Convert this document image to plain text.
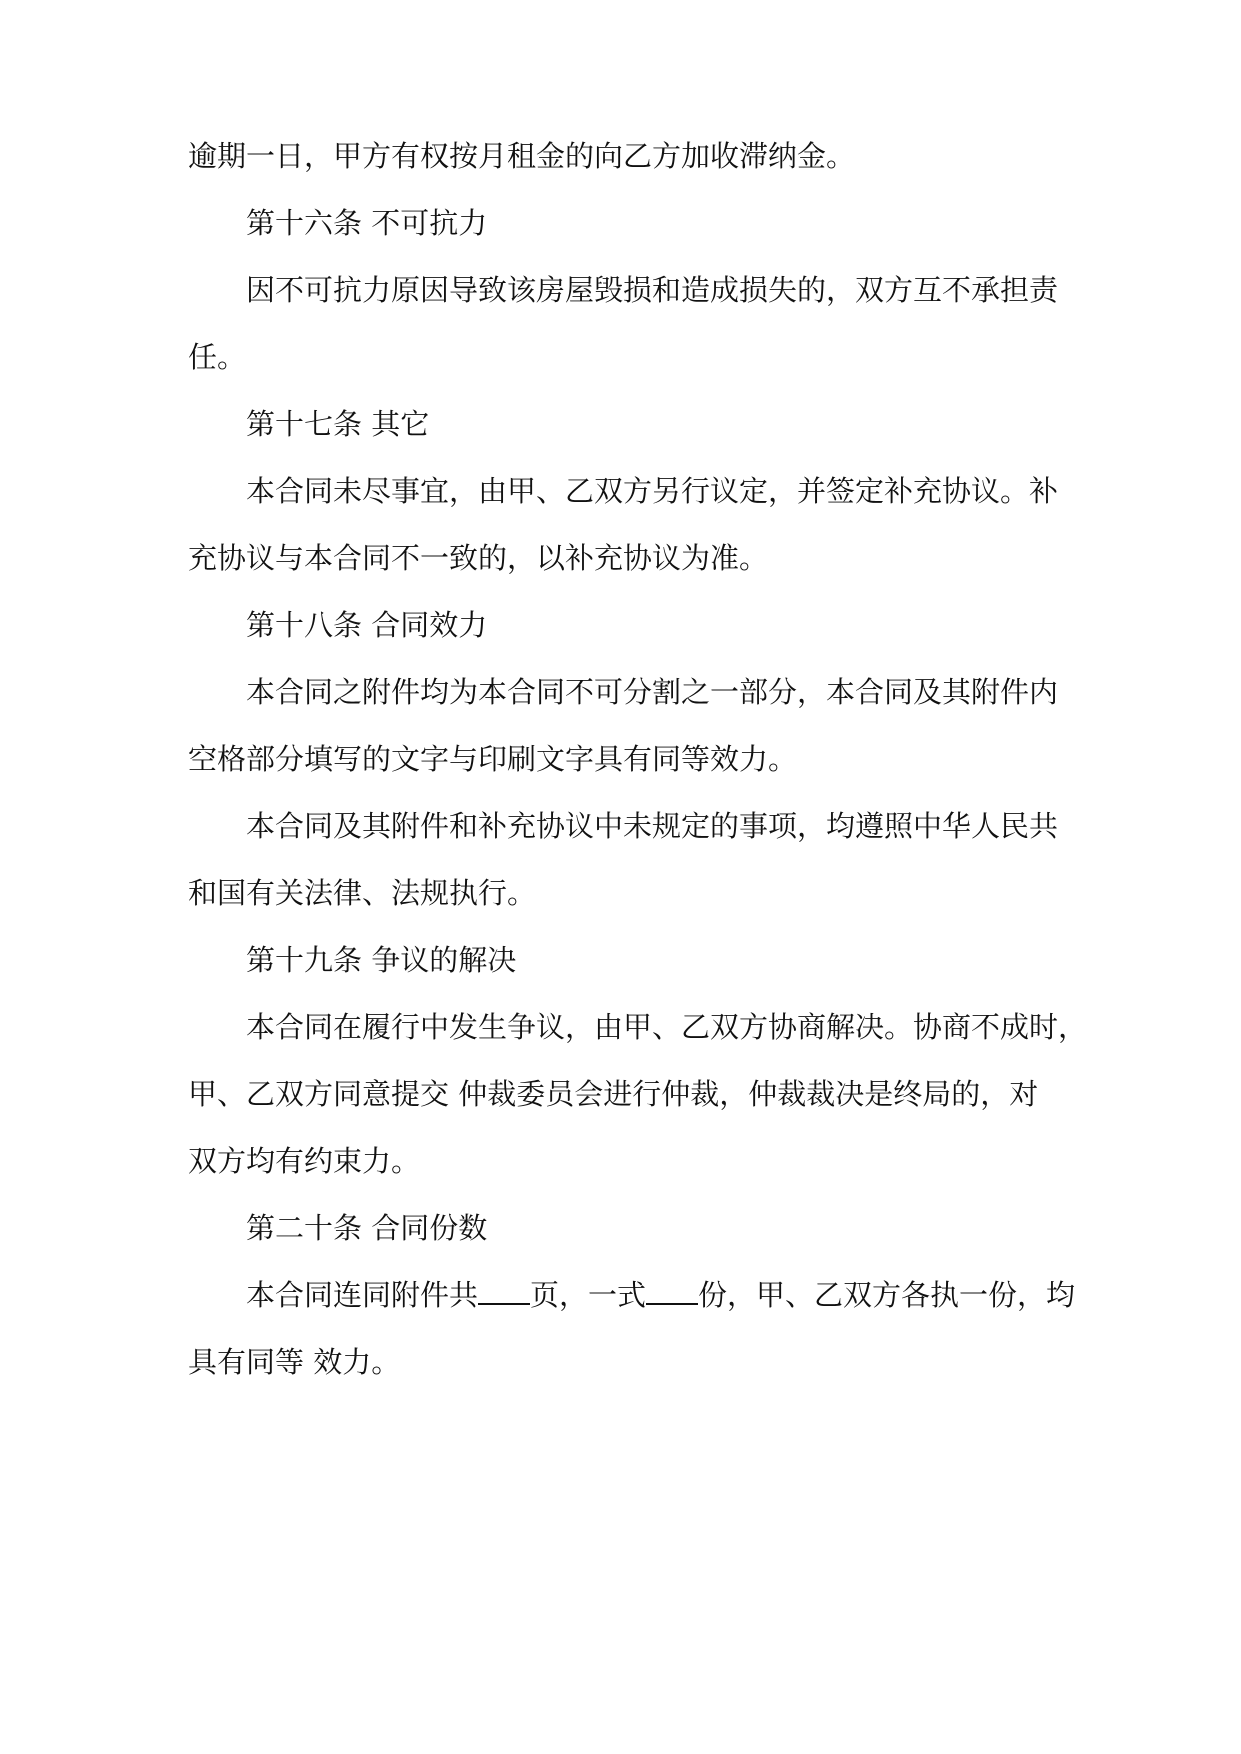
逾期一日，甲方有权按月租金的向乙方加收滞纳金。
第十六条 不可抗力
因不可抗力原因导致该房屋毁损和造成损失的，双方互不承担责
任。
第十七条 其它
本合同未尽事宜，由甲、乙双方另行议定，并签定补充协议。补
充协议与本合同不一致的，以补充协议为准。
第十八条 合同效力
本合同之附件均为本合同不可分割之一部分，本合同及其附件内
空格部分填写的文字与印刷文字具有同等效力。
本合同及其附件和补充协议中未规定的事项，均遵照中华人民共
和国有关法律、法规执行。
第十九条 争议的解决
本合同在履行中发生争议，由甲、乙双方协商解决。协商不成时，
甲、乙双方同意提交 仲裁委员会进行仲裁，仲裁裁决是终局的，对
双方均有约束力。
第二十条 合同份数
本合同连同附件共 页，一式 份，甲、乙双方各执一份，均
具有同等 效力。
